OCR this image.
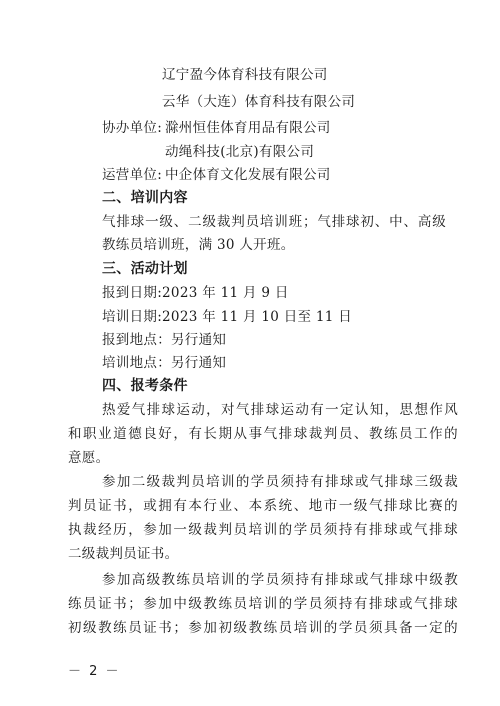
辽宁盈今体育科技有限公司
云华（大连）体育科技有限公司
协办单位: 滁州恒佳体育用品有限公司
动绳科技(北京)有限公司
运营单位: 中企体育文化发展有限公司
二、培训内容
气排球一级、二级裁判员培训班；气排球初、中、高级
教练员培训班，满 30 人开班。
三、活动计划
报到日期:2023 年 11 月 9 日
培训日期:2023 年 11 月 10 日至 11 日
报到地点：另行通知
培训地点：另行通知
四、报考条件
热爱气排球运动，对气排球运动有一定认知，思想作风
和职业道德良好，有长期从事气排球裁判员、教练员工作的
意愿。
参加二级裁判员培训的学员须持有排球或气排球三级裁
判员证书，或拥有本行业、本系统、地市一级气排球比赛的
执裁经历，参加一级裁判员培训的学员须持有排球或气排球
二级裁判员证书。
参加高级教练员培训的学员须持有排球或气排球中级教
练员证书；参加中级教练员培训的学员须持有排球或气排球
初级教练员证书；参加初级教练员培训的学员须具备一定的
－ 2 －
